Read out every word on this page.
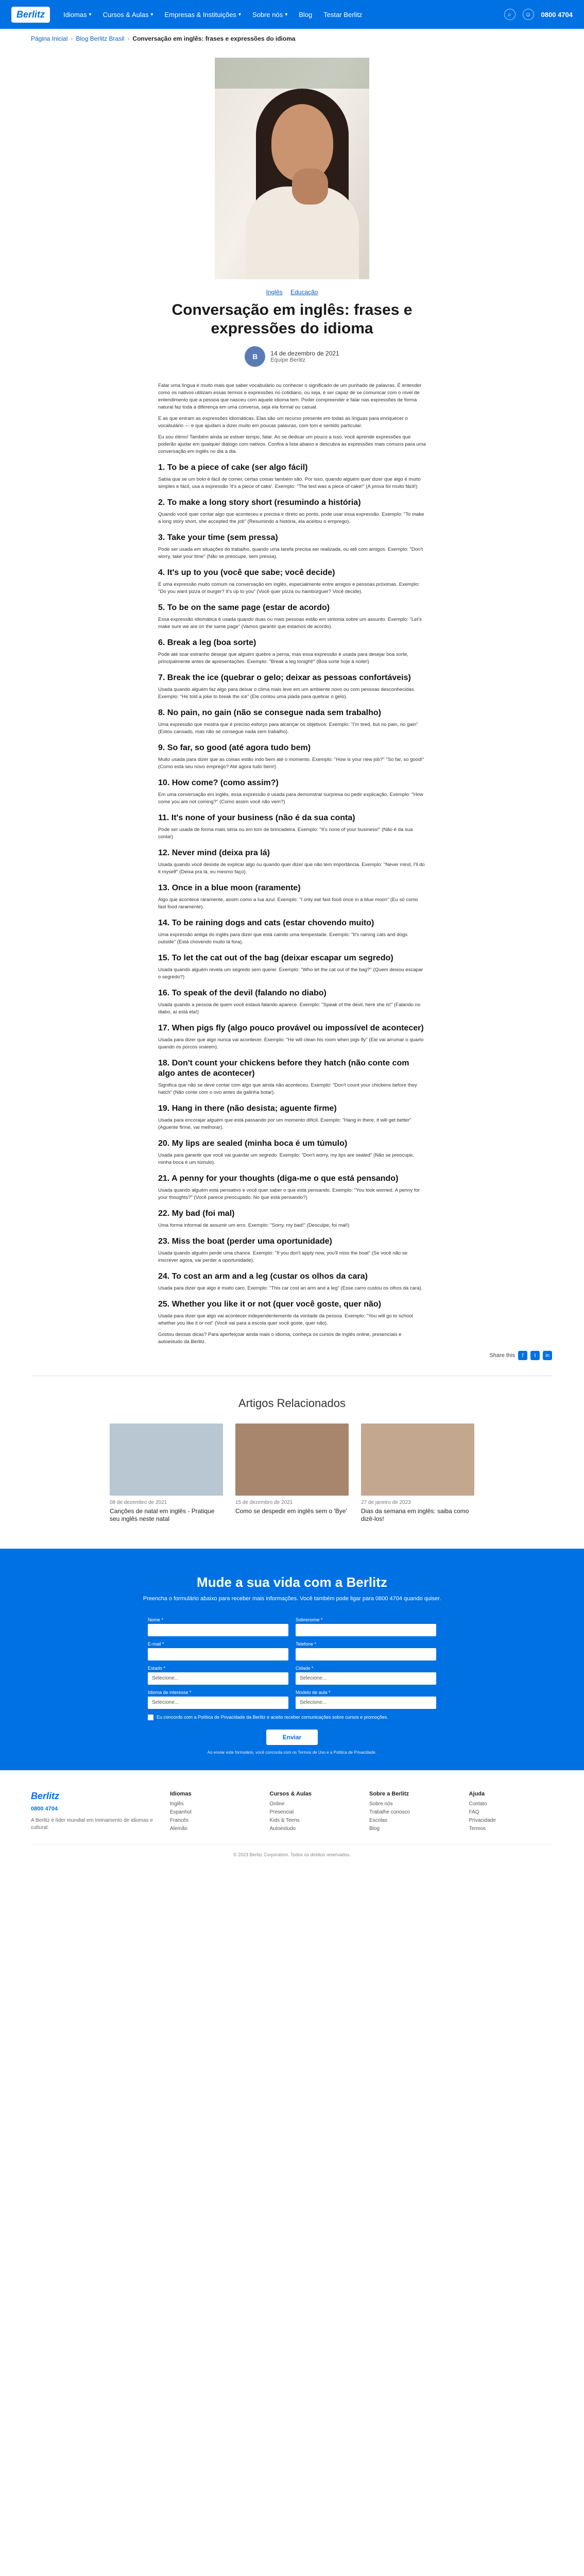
Berlitz	Idiomas ▾ Cursos & Aulas ▾ Empresas & Instituições ▾ Sobre nós ▾ Blog Testar Berlitz	⌕	☺	0800 4704
Página Inicial › Blog Berlitz Brasil › Conversação em inglês: frases e expressões do idioma
Inglês Educação
Conversação em inglês: frases e expressões do idioma
B	14 de dezembro de 2021
Equipe Berlitz

Falar uma língua é muito mais que saber vocabulário ou conhecer o significado de um punhado de palavras. É entender como os nativos utilizam essas termos e expressões no cotidiano, ou seja, é ser capaz de se comunicar com o nível de entendimento que a pessoa que nasceu com aquele idioma tem. Poder compreender e falar nas expressões de forma natural faz toda a diferença em uma conversa, seja ela formal ou casual.

E as que entram as expressões idiomáticas. Elas são um recurso presente em todas as línguas para enriquecer o vocabulário — e que ajudam a dizer muito em poucas palavras, com tom e sentido particular.

Eu sou ótimo! Também ainda se estiver tempo, falar. Ao se dedicar um pouco a isso, você aprende expressões que poderão ajudar em qualquer diálogo com nativos. Confira a lista abaixo e descubra as expressões mais comuns para uma conversação em inglês no dia a dia.

1. To be a piece of cake (ser algo fácil)

Sabia que se um bolo é fácil de comer, certas coisas também são. Por isso, quando alguém quer dizer que algo é muito simples e fácil, usa a expressão 'It's a piece of cake'. Exemplo: "The test was a piece of cake!" (A prova foi muito fácil!)

2. To make a long story short (resumindo a história)

Quando você quer contar algo que aconteceu e precisa ir direto ao ponto, pode usar essa expressão. Exemplo: "To make a long story short, she accepted the job" (Resumindo a história, ela aceitou o emprego).

3. Take your time (sem pressa)

Pode ser usada em situações do trabalho, quando uma tarefa precisa ser realizada, ou até com amigos. Exemplo: "Don't worry, take your time" (Não se preocupe, sem pressa).

4. It's up to you (você que sabe; você decide)

É uma expressão muito comum na conversação em inglês, especialmente entre amigos e pessoas próximas. Exemplo: "Do you want pizza or burger? It's up to you" (Você quer pizza ou hambúrguer? Você decide).

5. To be on the same page (estar de acordo)

Essa expressão idiomática é usada quando duas ou mais pessoas estão em sintonia sobre um assunto. Exemplo: "Let's make sure we are on the same page" (Vamos garantir que estamos de acordo).

6. Break a leg (boa sorte)

Pode até soar estranho desejar que alguém quebre a perna, mas essa expressão é usada para desejar boa sorte, principalmente antes de apresentações. Exemplo: "Break a leg tonight!" (Boa sorte hoje à noite!)

7. Break the ice (quebrar o gelo; deixar as pessoas confortáveis)

Usada quando alguém faz algo para deixar o clima mais leve em um ambiente novo ou com pessoas desconhecidas. Exemplo: "He told a joke to break the ice" (Ele contou uma piada para quebrar o gelo).

8. No pain, no gain (não se consegue nada sem trabalho)

Uma expressão que mostra que é preciso esforço para alcançar os objetivos. Exemplo: "I'm tired, but no pain, no gain" (Estou cansado, mas não se consegue nada sem trabalho).

9. So far, so good (até agora tudo bem)

Muito usada para dizer que as coisas estão indo bem até o momento. Exemplo: "How is your new job?" "So far, so good!" (Como está seu novo emprego? Até agora tudo bem!)

10. How come? (como assim?)

Em uma conversação em inglês, essa expressão é usada para demonstrar surpresa ou pedir explicação. Exemplo: "How come you are not coming?" (Como assim você não vem?)

11. It's none of your business (não é da sua conta)

Pode ser usada de forma mais séria ou em tom de brincadeira. Exemplo: "It's none of your business!" (Não é da sua conta!)

12. Never mind (deixa pra lá)

Usada quando você desiste de explicar algo ou quando quer dizer que não tem importância. Exemplo: "Never mind, I'll do it myself" (Deixa pra lá, eu mesmo faço).

13. Once in a blue moon (raramente)

Algo que acontece raramente, assim como a lua azul. Exemplo: "I only eat fast food once in a blue moon" (Eu só como fast food raramente).

14. To be raining dogs and cats (estar chovendo muito)

Uma expressão antiga do inglês para dizer que está caindo uma tempestade. Exemplo: "It's raining cats and dogs outside" (Está chovendo muito lá fora).

15. To let the cat out of the bag (deixar escapar um segredo)

Usada quando alguém revela um segredo sem querer. Exemplo: "Who let the cat out of the bag?" (Quem deixou escapar o segredo?)

16. To speak of the devil (falando no diabo)

Usada quando a pessoa de quem você estava falando aparece. Exemplo: "Speak of the devil, here she is!" (Falando no diabo, aí está ela!)

17. When pigs fly (algo pouco provável ou impossível de acontecer)

Usada para dizer que algo nunca vai acontecer. Exemplo: "He will clean his room when pigs fly" (Ele vai arrumar o quarto quando os porcos voarem).

18. Don't count your chickens before they hatch (não conte com algo antes de acontecer)

Significa que não se deve contar com algo que ainda não aconteceu. Exemplo: "Don't count your chickens before they hatch" (Não conte com o ovo antes da galinha botar).

19. Hang in there (não desista; aguente firme)

Usada para encorajar alguém que está passando por um momento difícil. Exemplo: "Hang in there, it will get better" (Aguente firme, vai melhorar).

20. My lips are sealed (minha boca é um túmulo)

Usada para garantir que você vai guardar um segredo. Exemplo: "Don't worry, my lips are sealed" (Não se preocupe, minha boca é um túmulo).

21. A penny for your thoughts (diga-me o que está pensando)

Usada quando alguém está pensativo e você quer saber o que está pensando. Exemplo: "You look worried. A penny for your thoughts?" (Você parece preocupado. No que está pensando?)

22. My bad (foi mal)

Uma forma informal de assumir um erro. Exemplo: "Sorry, my bad!" (Desculpe, foi mal!)

23. Miss the boat (perder uma oportunidade)

Usada quando alguém perde uma chance. Exemplo: "If you don't apply now, you'll miss the boat" (Se você não se inscrever agora, vai perder a oportunidade).

24. To cost an arm and a leg (custar os olhos da cara)

Usada para dizer que algo é muito caro. Exemplo: "This car cost an arm and a leg" (Esse carro custou os olhos da cara).

25. Whether you like it or not (quer você goste, quer não)

Usada para dizer que algo vai acontecer independentemente da vontade da pessoa. Exemplo: "You will go to school whether you like it or not" (Você vai para a escola quer você goste, quer não).

Gostou dessas dicas? Para aperfeiçoar ainda mais o idioma, conheça os cursos de inglês online, presenciais e autoestudo da Berlitz.

Share this	f	t	in
Artigos Relacionados
08 de dezembro de 2021
Canções de natal em inglês - Pratique seu inglês neste natal
15 de dezembro de 2021
Como se despedir em inglês sem o 'Bye'
27 de janeiro de 2023
Dias da semana em inglês: saiba como dizê-los!
Mude a sua vida com a Berlitz

Preencha o formulário abaixo para receber mais informações. Você também pode ligar para 0800 4704 quando quiser.

Nome *	Sobrenome *
E-mail *	Telefone *
Estado *
Selecione...
Cidade *
Selecione...
Idioma de interesse *
Selecione...
Modelo de aula *
Selecione...
Eu concordo com a Política de Privacidade da Berlitz e aceito receber comunicações sobre cursos e promoções.
Enviar
Ao enviar este formulário, você concorda com os Termos de Uso e a Política de Privacidade.
Berlitz
0800 4704

A Berlitz é líder mundial em treinamento de idiomas e cultural.

Idiomas
Inglês
Espanhol
Francês
Alemão
Cursos & Aulas
Online
Presencial
Kids & Teens
Autoestudo
Sobre a Berlitz
Sobre nós
Trabalhe conosco
Escolas
Blog
Ajuda
Contato
FAQ
Privacidade
Termos
© 2023 Berlitz Corporation. Todos os direitos reservados.
